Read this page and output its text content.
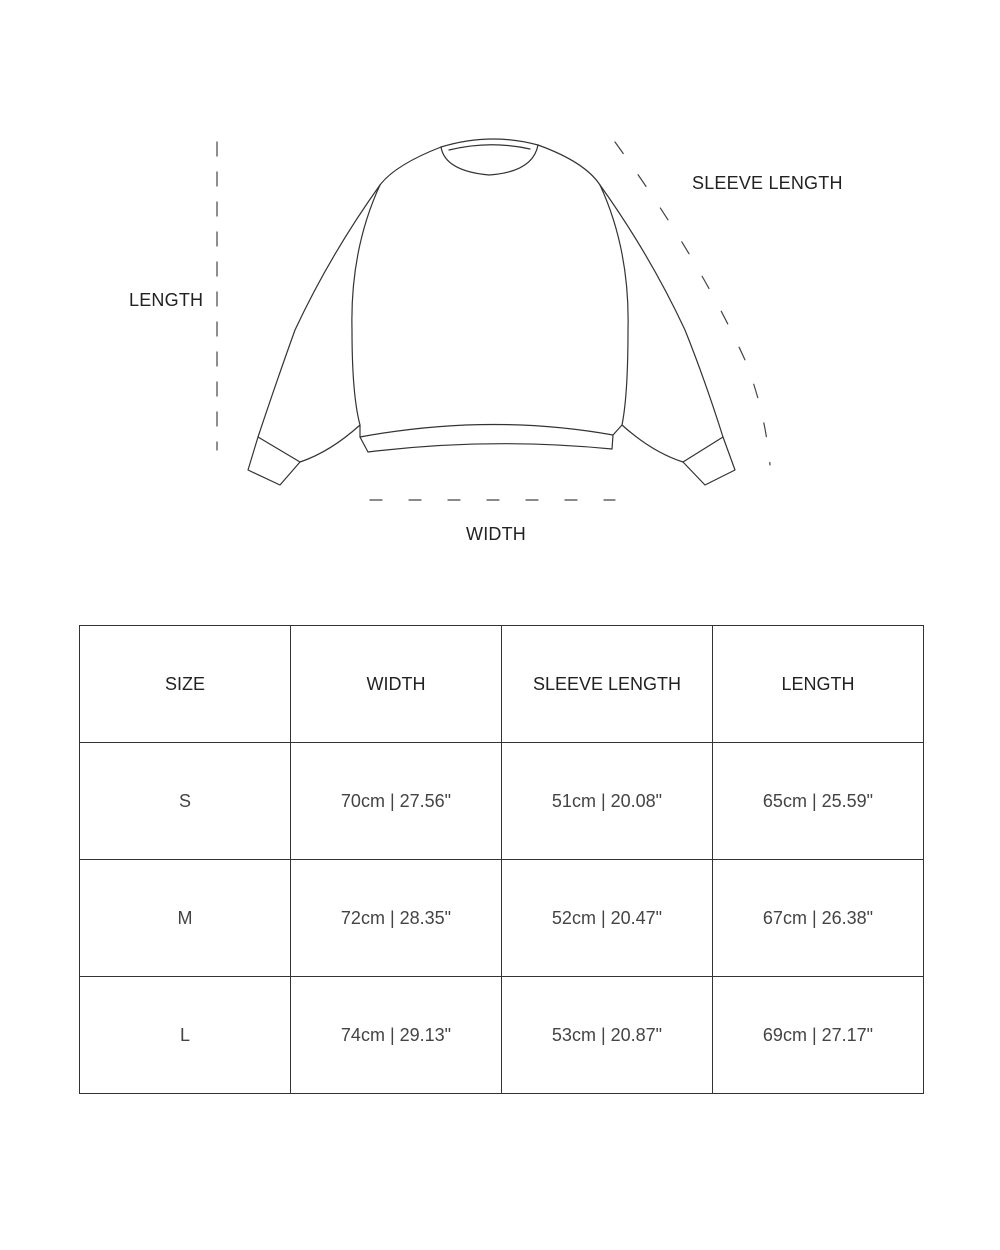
LENGTH
SLEEVE LENGTH
WIDTH
SIZE	WIDTH	SLEEVE LENGTH	LENGTH
S	70cm | 27.56"	51cm | 20.08"	65cm | 25.59"
M	72cm | 28.35"	52cm | 20.47"	67cm | 26.38"
L	74cm | 29.13"	53cm | 20.87"	69cm | 27.17"
